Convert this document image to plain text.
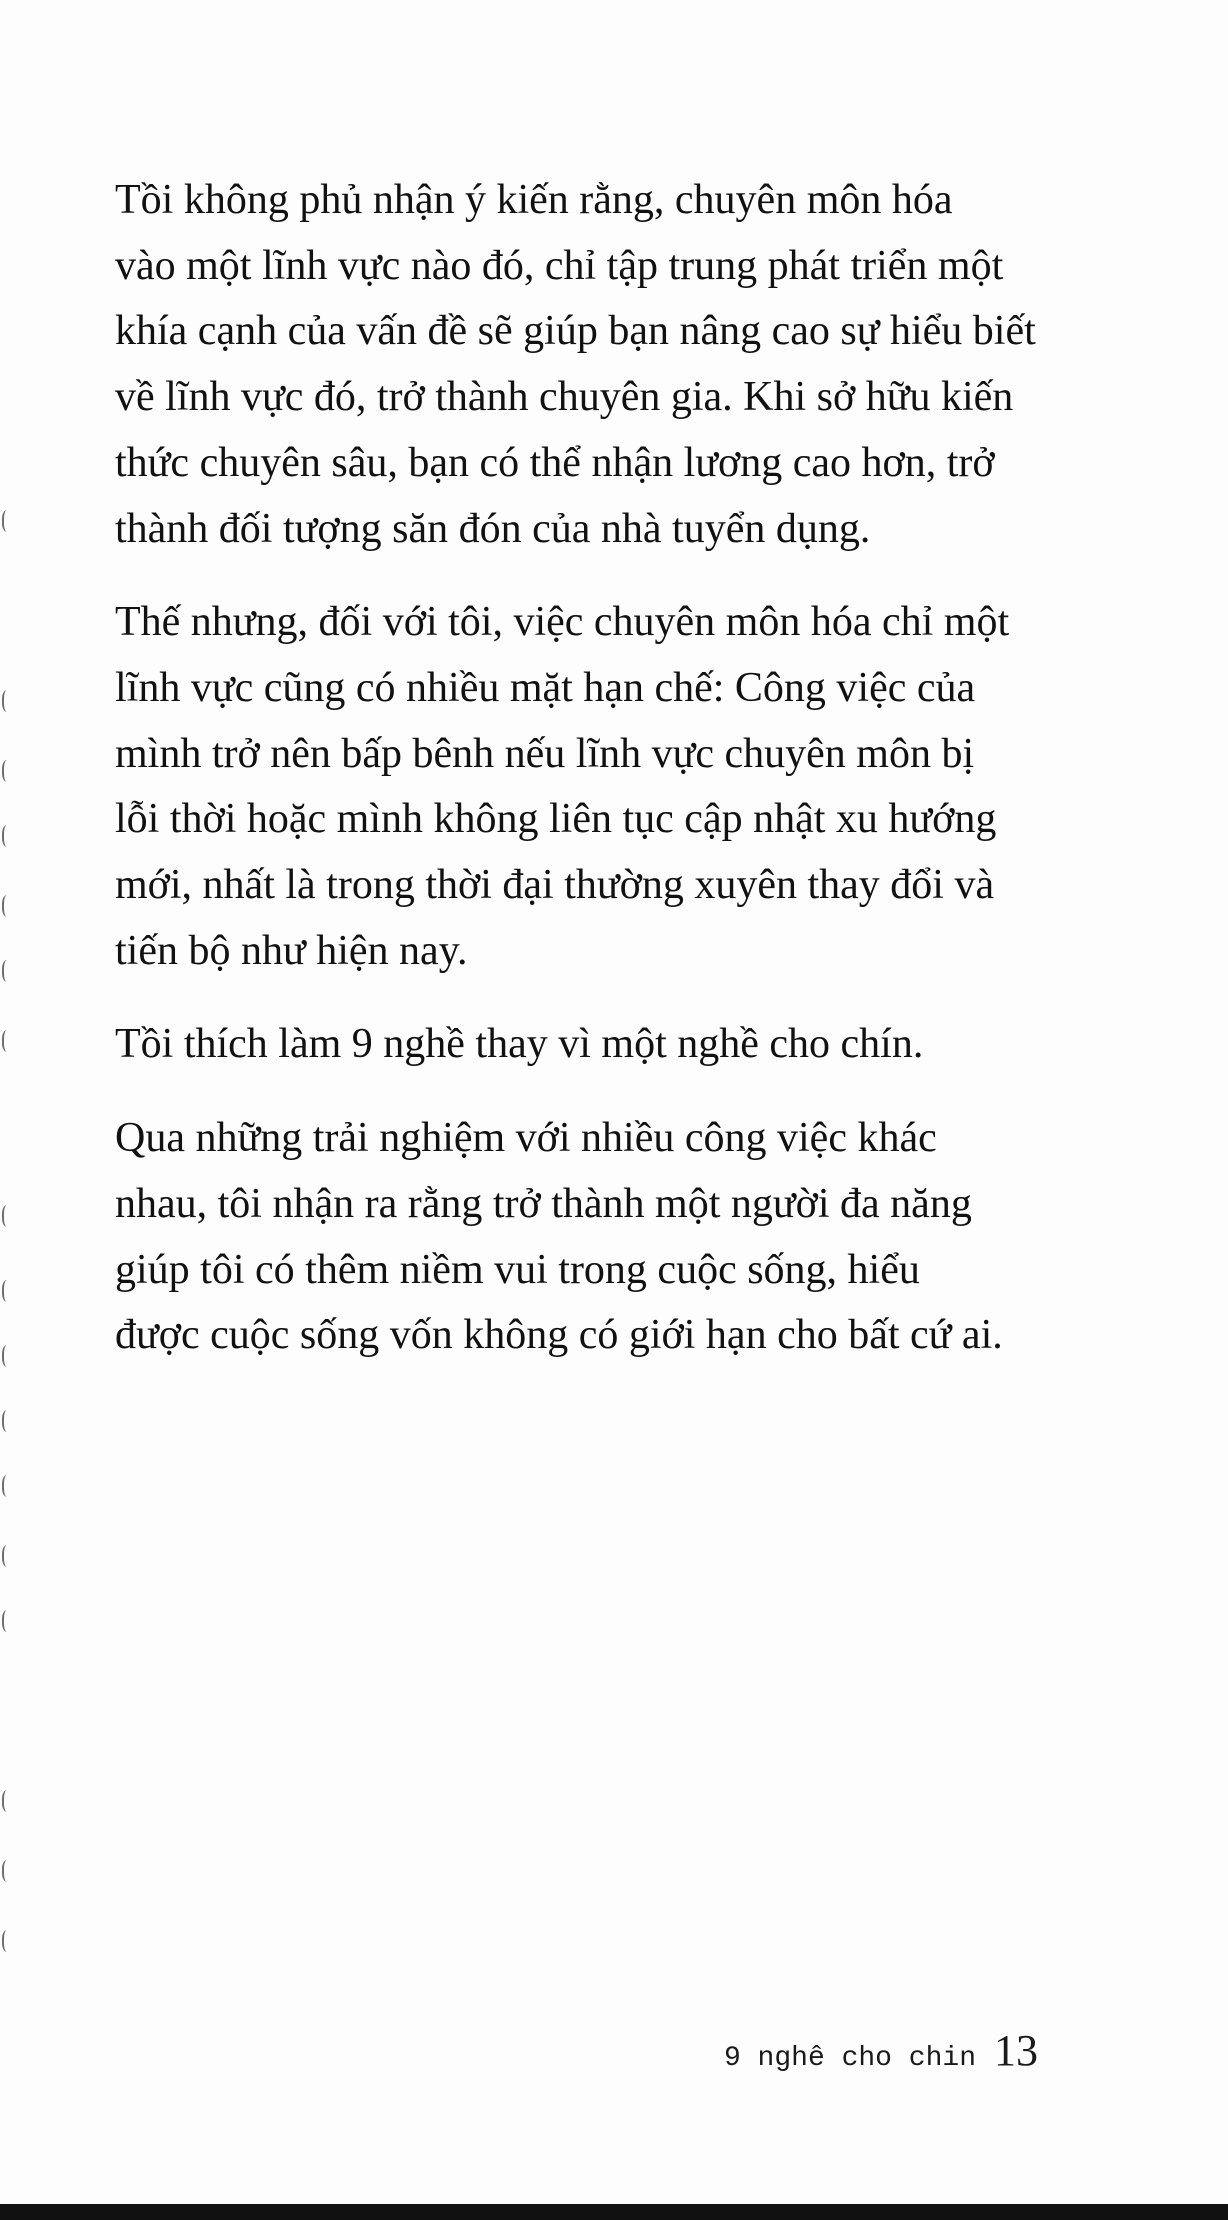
Tồi không phủ nhận ý kiến rằng, chuyên môn hóa
vào một lĩnh vực nào đó, chỉ tập trung phát triển một
khía cạnh của vấn đề sẽ giúp bạn nâng cao sự hiểu biết
về lĩnh vực đó, trở thành chuyên gia. Khi sở hữu kiến
thức chuyên sâu, bạn có thể nhận lương cao hơn, trở
thành đối tượng săn đón của nhà tuyển dụng.

Thế nhưng, đối với tôi, việc chuyên môn hóa chỉ một
lĩnh vực cũng có nhiều mặt hạn chế: Công việc của
mình trở nên bấp bênh nếu lĩnh vực chuyên môn bị
lỗi thời hoặc mình không liên tục cập nhật xu hướng
mới, nhất là trong thời đại thường xuyên thay đổi và
tiến bộ như hiện nay.

Tồi thích làm 9 nghề thay vì một nghề cho chín.

Qua những trải nghiệm với nhiều công việc khác
nhau, tôi nhận ra rằng trở thành một người đa năng
giúp tôi có thêm niềm vui trong cuộc sống, hiểu
được cuộc sống vốn không có giới hạn cho bất cứ ai.

9 nghê cho chin 13
